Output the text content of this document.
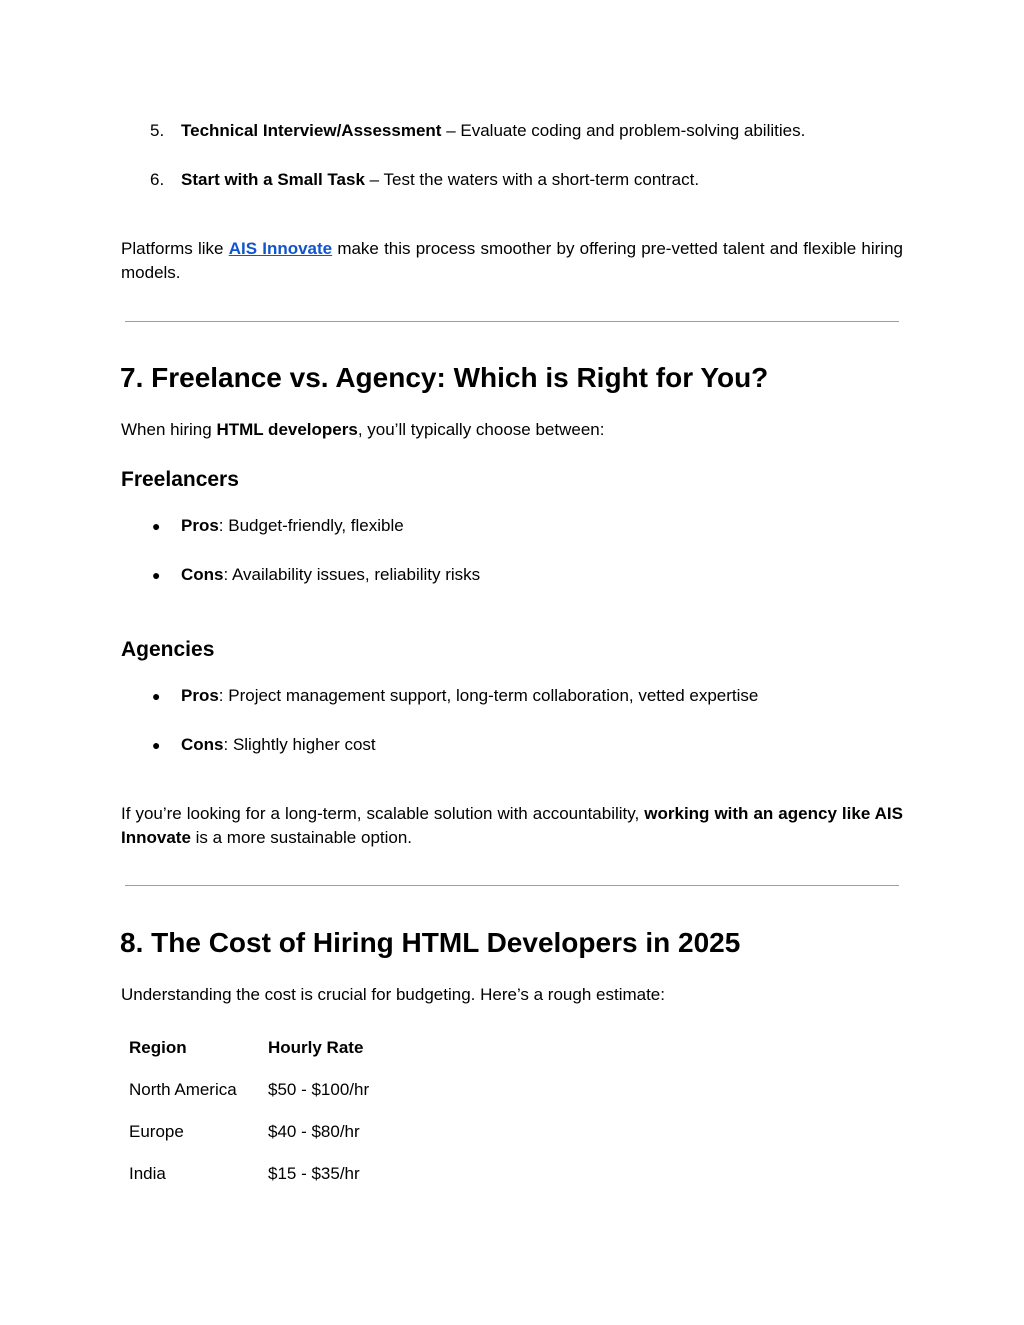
5. Technical Interview/Assessment – Evaluate coding and problem-solving abilities.
6. Start with a Small Task – Test the waters with a short-term contract.

Platforms like AIS Innovate make this process smoother by offering pre-vetted talent and flexible hiring models.

7. Freelance vs. Agency: Which is Right for You?

When hiring HTML developers, you’ll typically choose between:

Freelancers
● Pros: Budget-friendly, flexible
● Cons: Availability issues, reliability risks
Agencies
● Pros: Project management support, long-term collaboration, vetted expertise
● Cons: Slightly higher cost

If you’re looking for a long-term, scalable solution with accountability, working with an agency like AIS Innovate is a more sustainable option.

8. The Cost of Hiring HTML Developers in 2025

Understanding the cost is crucial for budgeting. Here’s a rough estimate:

Region	Hourly Rate
North America $50 - $100/hr
Europe	$40 - $80/hr
India	$15 - $35/hr
